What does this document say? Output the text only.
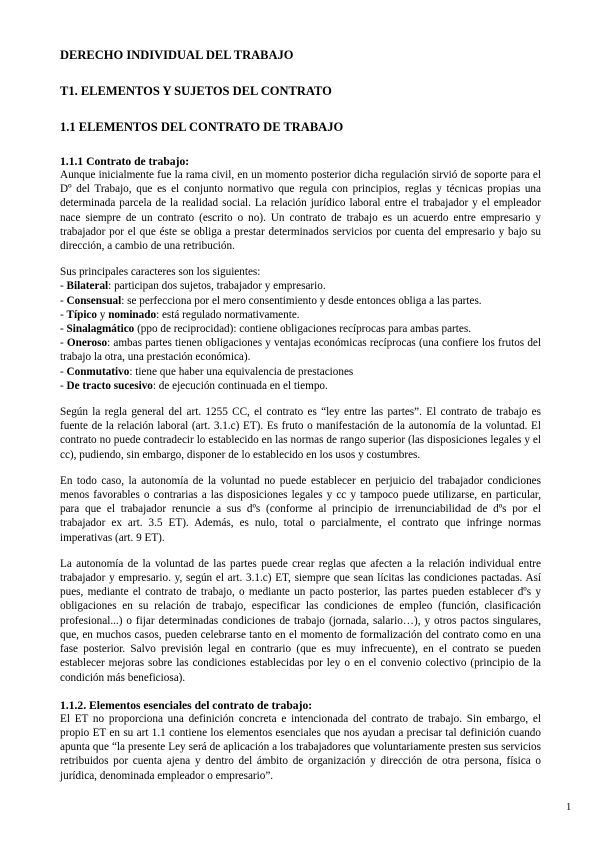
DERECHO INDIVIDUAL DEL TRABAJO
T1. ELEMENTOS Y SUJETOS DEL CONTRATO
1.1 ELEMENTOS DEL CONTRATO DE TRABAJO
1.1.1 Contrato de trabajo:

Aunque inicialmente fue la rama civil, en un momento posterior dicha regulación sirvió de soporte para el Dº del Trabajo, que es el conjunto normativo que regula con principios, reglas y técnicas propias una determinada parcela de la realidad social. La relación jurídico laboral entre el trabajador y el empleador nace siempre de un contrato (escrito o no). Un contrato de trabajo es un acuerdo entre empresario y trabajador por el que éste se obliga a prestar determinados servicios por cuenta del empresario y bajo su dirección, a cambio de una retribución.

Sus principales caracteres son los siguientes:

- Bilateral: participan dos sujetos, trabajador y empresario.
- Consensual: se perfecciona por el mero consentimiento y desde entonces obliga a las partes.
- Típico y nominado: está regulado normativamente.
- Sinalagmático (ppo de reciprocidad): contiene obligaciones recíprocas para ambas partes.
- Oneroso: ambas partes tienen obligaciones y ventajas económicas recíprocas (una confiere los frutos del trabajo la otra, una prestación económica).
- Conmutativo: tiene que haber una equivalencia de prestaciones
- De tracto sucesivo: de ejecución continuada en el tiempo.

Según la regla general del art. 1255 CC, el contrato es “ley entre las partes”. El contrato de trabajo es fuente de la relación laboral (art. 3.1.c) ET). Es fruto o manifestación de la autonomía de la voluntad. El contrato no puede contradecir lo establecido en las normas de rango superior (las disposiciones legales y el cc), pudiendo, sin embargo, disponer de lo establecido en los usos y costumbres.

En todo caso, la autonomía de la voluntad no puede establecer en perjuicio del trabajador condiciones menos favorables o contrarias a las disposiciones legales y cc y tampoco puede utilizarse, en particular, para que el trabajador renuncie a sus dºs (conforme al principio de irrenunciabilidad de dºs por el trabajador ex art. 3.5 ET). Además, es nulo, total o parcialmente, el contrato que infringe normas imperativas (art. 9 ET).

La autonomía de la voluntad de las partes puede crear reglas que afecten a la relación individual entre trabajador y empresario. y, según el art. 3.1.c) ET, siempre que sean lícitas las condiciones pactadas. Así pues, mediante el contrato de trabajo, o mediante un pacto posterior, las partes pueden establecer dºs y obligaciones en su relación de trabajo, especificar las condiciones de empleo (función, clasificación profesional...) o fijar determinadas condiciones de trabajo (jornada, salario…), y otros pactos singulares, que, en muchos casos, pueden celebrarse tanto en el momento de formalización del contrato como en una fase posterior. Salvo previsión legal en contrario (que es muy infrecuente), en el contrato se pueden establecer mejoras sobre las condiciones establecidas por ley o en el convenio colectivo (principio de la condición más beneficiosa).

1.1.2. Elementos esenciales del contrato de trabajo:

El ET no proporciona una definición concreta e intencionada del contrato de trabajo. Sin embargo, el propio ET en su art 1.1 contiene los elementos esenciales que nos ayudan a precisar tal definición cuando apunta que “la presente Ley será de aplicación a los trabajadores que voluntariamente presten sus servicios retribuidos por cuenta ajena y dentro del ámbito de organización y dirección de otra persona, física o jurídica, denominada empleador o empresario”.

1
